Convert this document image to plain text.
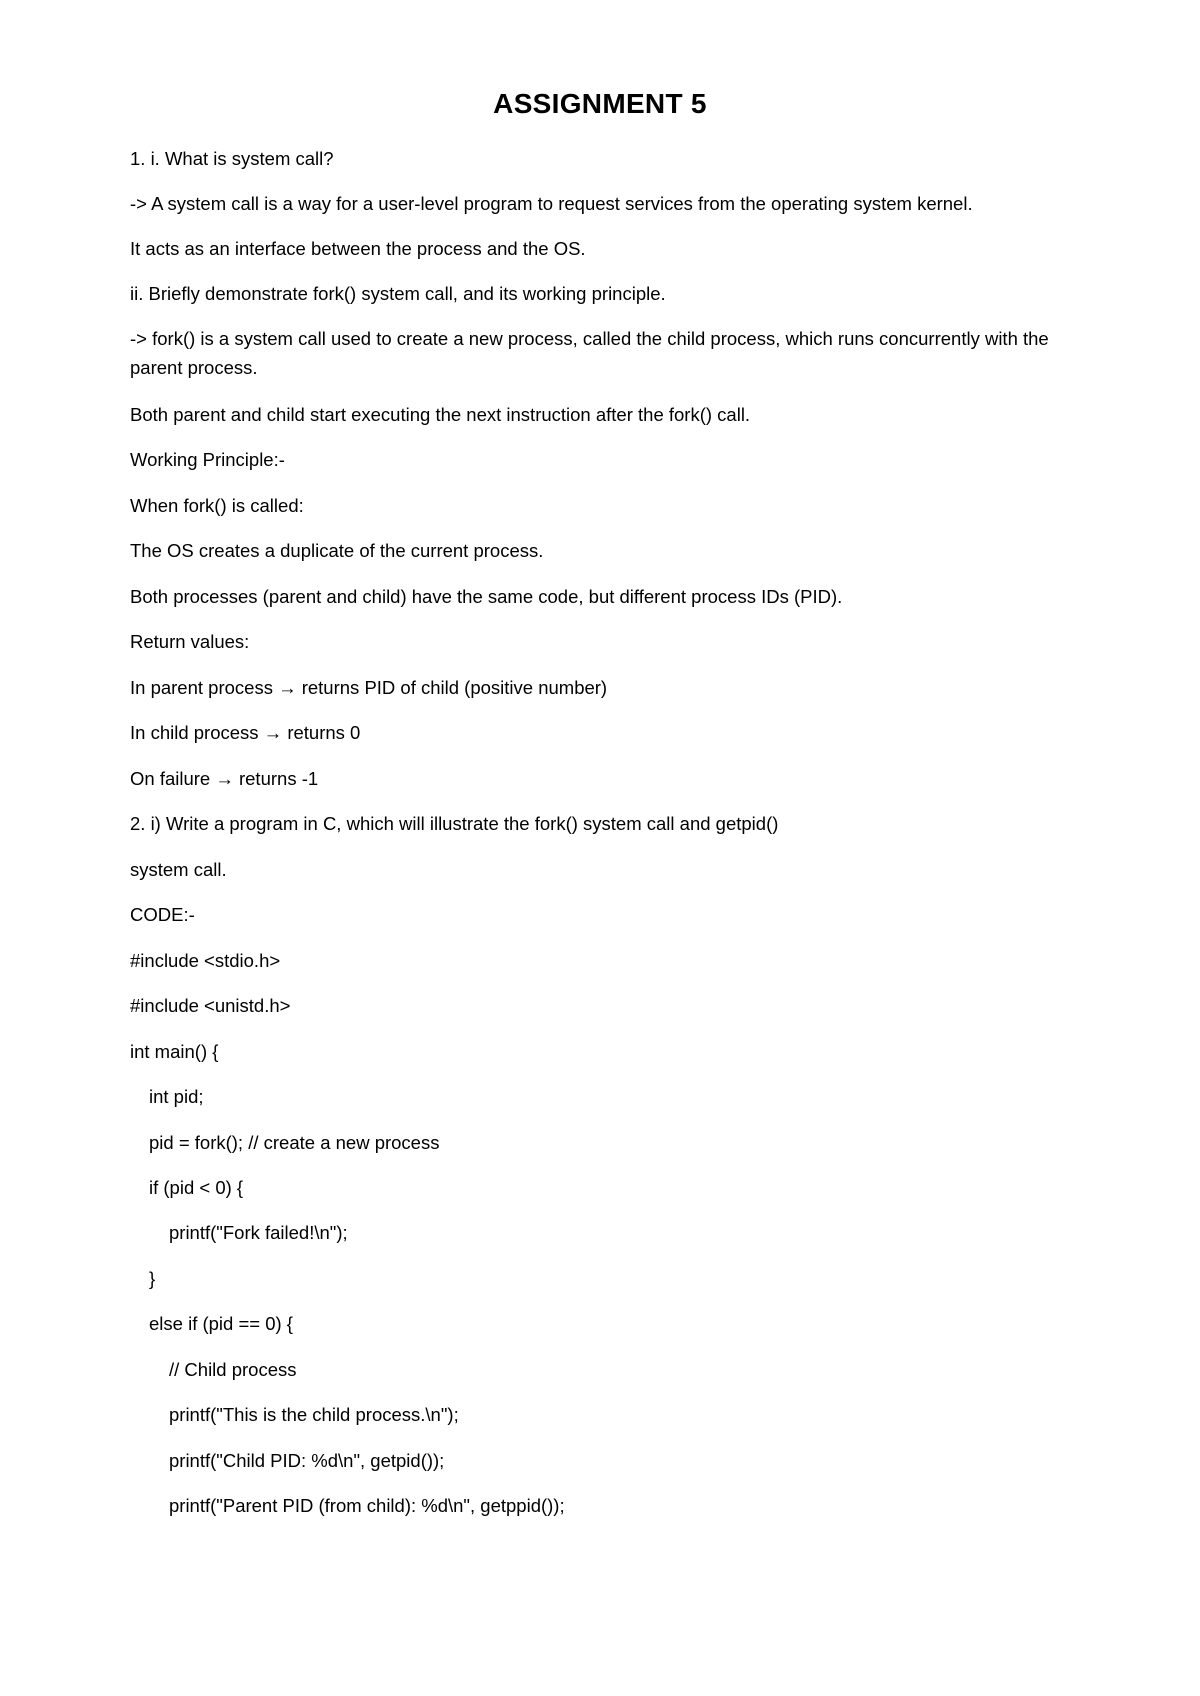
ASSIGNMENT 5
1. i. What is system call?
-> A system call is a way for a user-level program to request services from the operating system kernel.
It acts as an interface between the process and the OS.
ii. Briefly demonstrate fork() system call, and its working principle.
-> fork() is a system call used to create a new process, called the child process, which runs concurrently with the parent process.
Both parent and child start executing the next instruction after the fork() call.
Working Principle:-
When fork() is called:
The OS creates a duplicate of the current process.
Both processes (parent and child) have the same code, but different process IDs (PID).
Return values:
In parent process → returns PID of child (positive number)
In child process → returns 0
On failure → returns -1
2. i) Write a program in C, which will illustrate the fork() system call and getpid()
system call.
CODE:-
#include <stdio.h>
#include <unistd.h>
int main() {
int pid;
pid = fork(); // create a new process
if (pid < 0) {
printf("Fork failed!\n");
}
else if (pid == 0) {
// Child process
printf("This is the child process.\n");
printf("Child PID: %d\n", getpid());
printf("Parent PID (from child): %d\n", getppid());
